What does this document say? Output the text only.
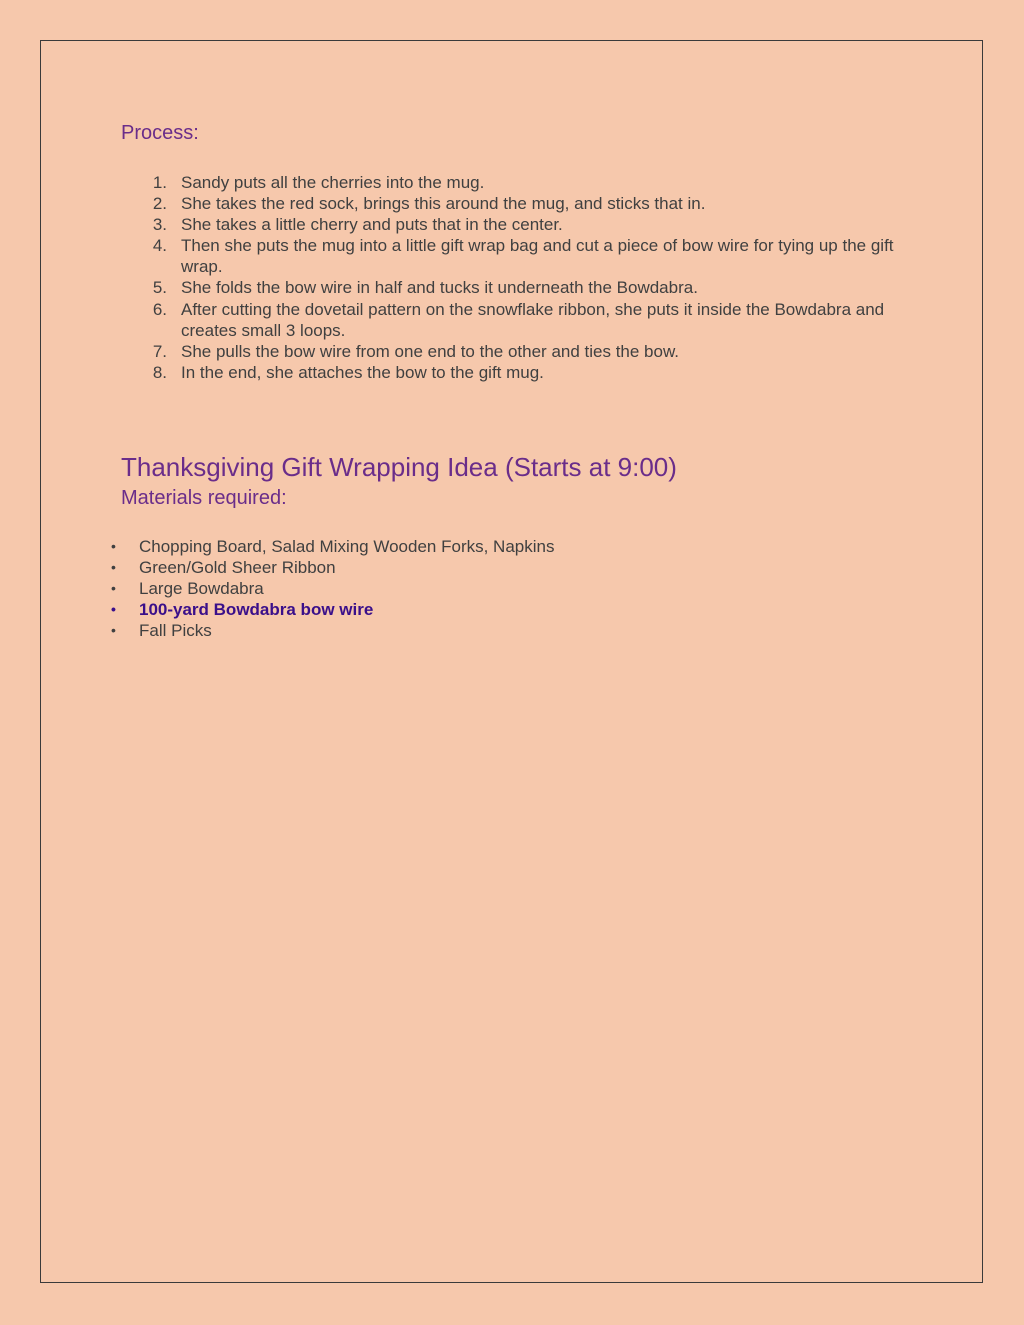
Process:
1. Sandy puts all the cherries into the mug.
2. She takes the red sock, brings this around the mug, and sticks that in.
3. She takes a little cherry and puts that in the center.
4. Then she puts the mug into a little gift wrap bag and cut a piece of bow wire for tying up the gift wrap.
5. She folds the bow wire in half and tucks it underneath the Bowdabra.
6. After cutting the dovetail pattern on the snowflake ribbon, she puts it inside the Bowdabra and creates small 3 loops.
7. She pulls the bow wire from one end to the other and ties the bow.
8. In the end, she attaches the bow to the gift mug.
Thanksgiving Gift Wrapping Idea (Starts at 9:00)
Materials required:
• Chopping Board, Salad Mixing Wooden Forks, Napkins
• Green/Gold Sheer Ribbon
• Large Bowdabra
• 100-yard Bowdabra bow wire
• Fall Picks
